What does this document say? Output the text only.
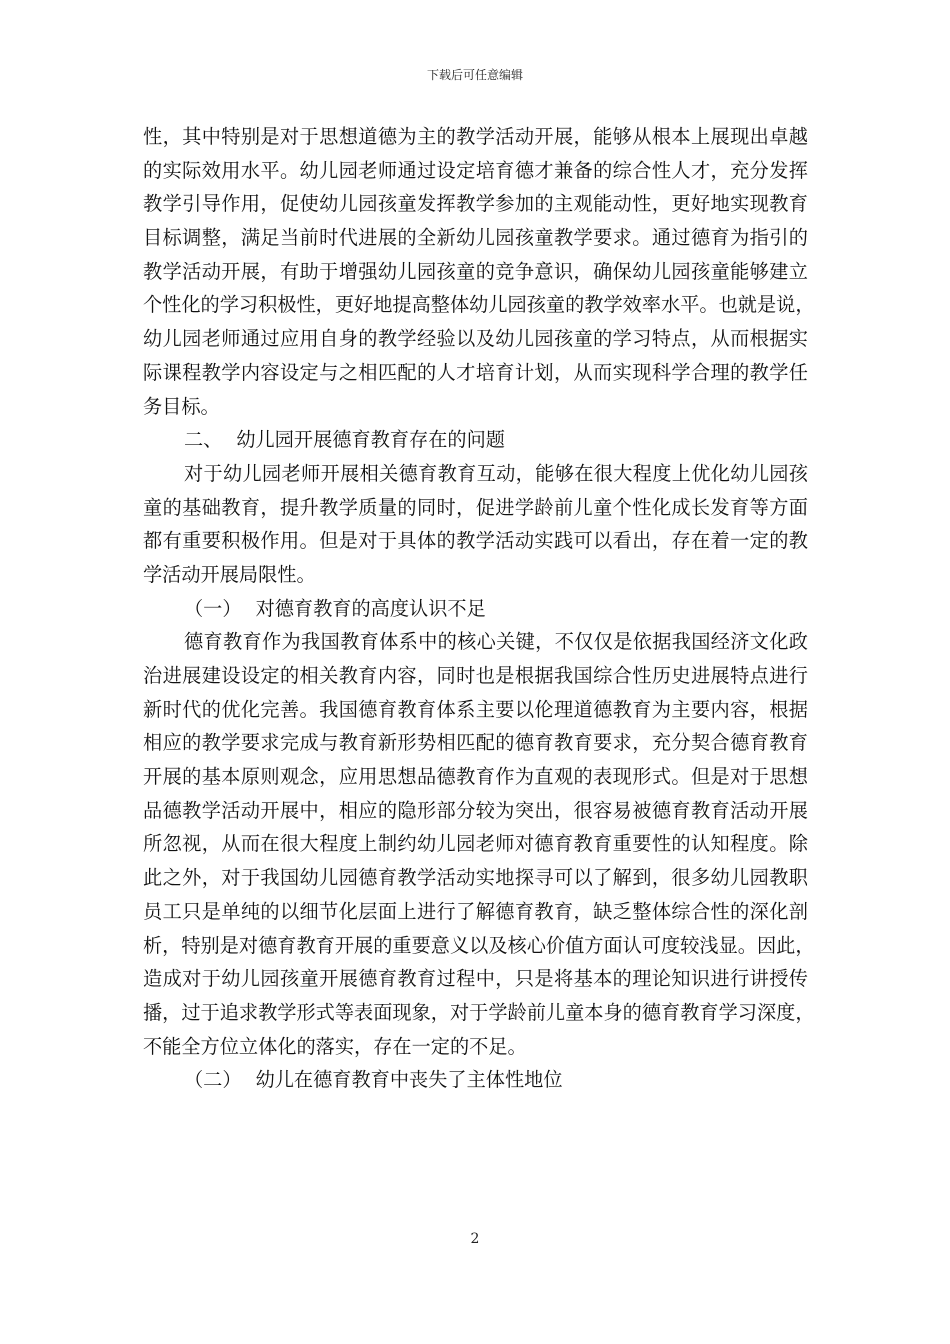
下载后可任意编辑
性，其中特别是对于思想道德为主的教学活动开展，能够从根本上展现出卓越
的实际效用水平。幼儿园老师通过设定培育德才兼备的综合性人才，充分发挥
教学引导作用，促使幼儿园孩童发挥教学参加的主观能动性，更好地实现教育
目标调整，满足当前时代进展的全新幼儿园孩童教学要求。通过德育为指引的
教学活动开展，有助于增强幼儿园孩童的竞争意识，确保幼儿园孩童能够建立
个性化的学习积极性，更好地提高整体幼儿园孩童的教学效率水平。也就是说，
幼儿园老师通过应用自身的教学经验以及幼儿园孩童的学习特点，从而根据实
际课程教学内容设定与之相匹配的人才培育计划，从而实现科学合理的教学任
务目标。
二、 幼儿园开展德育教育存在的问题
对于幼儿园老师开展相关德育教育互动，能够在很大程度上优化幼儿园孩
童的基础教育，提升教学质量的同时，促进学龄前儿童个性化成长发育等方面
都有重要积极作用。但是对于具体的教学活动实践可以看出，存在着一定的教
学活动开展局限性。
（一） 对德育教育的高度认识不足
德育教育作为我国教育体系中的核心关键，不仅仅是依据我国经济文化政
治进展建设设定的相关教育内容，同时也是根据我国综合性历史进展特点进行
新时代的优化完善。我国德育教育体系主要以伦理道德教育为主要内容，根据
相应的教学要求完成与教育新形势相匹配的德育教育要求，充分契合德育教育
开展的基本原则观念，应用思想品德教育作为直观的表现形式。但是对于思想
品德教学活动开展中，相应的隐形部分较为突出，很容易被德育教育活动开展
所忽视，从而在很大程度上制约幼儿园老师对德育教育重要性的认知程度。除
此之外，对于我国幼儿园德育教学活动实地探寻可以了解到，很多幼儿园教职
员工只是单纯的以细节化层面上进行了解德育教育，缺乏整体综合性的深化剖
析，特别是对德育教育开展的重要意义以及核心价值方面认可度较浅显。因此，
造成对于幼儿园孩童开展德育教育过程中，只是将基本的理论知识进行讲授传
播，过于追求教学形式等表面现象，对于学龄前儿童本身的德育教育学习深度，
不能全方位立体化的落实，存在一定的不足。
（二） 幼儿在德育教育中丧失了主体性地位
2
